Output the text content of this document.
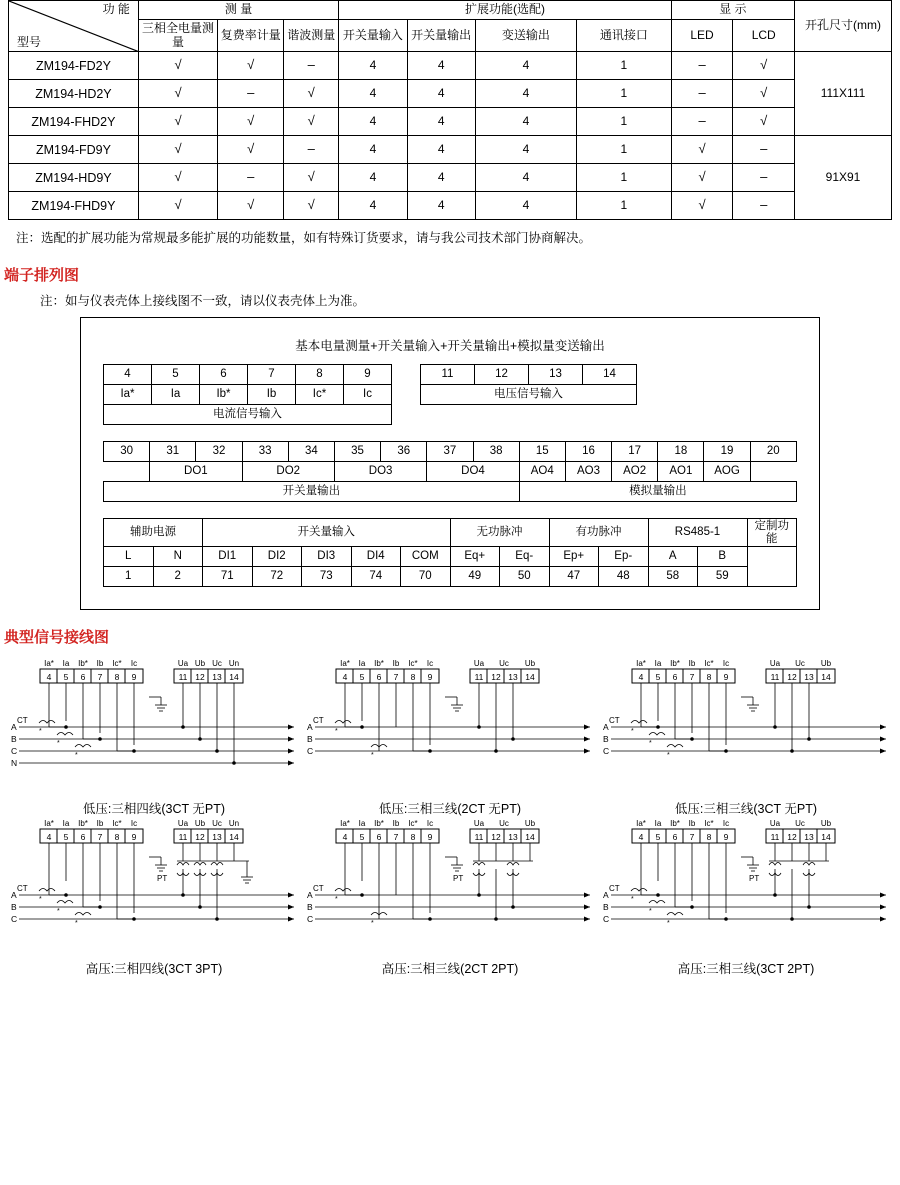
功 能
型号	测 量			扩展功能(选配)				显 示		开孔尺寸(mm)
	三相全电量测量	复费率计量	谐波测量	开关量输入	开关量输出	变送输出	通讯接口	LED	LCD	
ZM194-FD2Y	√	√	–	4	4	4	1	–	√	111X111
ZM194-HD2Y	√	–	√	4	4	4	1	–	√	
ZM194-FHD2Y	√	√	√	4	4	4	1	–	√	
ZM194-FD9Y	√	√	–	4	4	4	1	√	–	91X91
ZM194-HD9Y	√	–	√	4	4	4	1	√	–	
ZM194-FHD9Y	√	√	√	4	4	4	1	√	–	
注：选配的扩展功能为常规最多能扩展的功能数量，如有特殊订货要求，请与我公司技术部门协商解决。
端子排列图
注：如与仪表壳体上接线图不一致，请以仪表壳体上为准。
基本电量测量+开关量输入+开关量输出+模拟量变送输出
4	5	6	7	8	9
Ia*	Ia	Ib*	Ib	Ic*	Ic
电流信号输入					
11	12	13	14
电压信号输入
30	31	32	33	34	35	36	37	38	15	16	17	18	19	20
	DO1		DO2		DO3		DO4		AO4	AO3	AO2	AO1	AOG	
开关量输出									模拟量输出					
辅助电源		开关量输入					无功脉冲		有功脉冲		RS485-1		定制功能
L	N	DI1	DI2	DI3	DI4	COM	Eq+	Eq-	Ep+	Ep-	A	B	
1	2	71	72	73	74	70	49	50	47	48	58	59	
典型信号接线图
Ia* Ia Ib* Ib Ic* Ic	Ua Ub Uc Un
4 5 6 7 8 9	11 12 13 14
CT
*
*
*
A
B
C
N
低压:三相四线(3CT 无PT)
Ia* Ia Ib* Ib Ic* Ic	Ua Uc Ub
4 5 6 7 8 9	11 12 13 14
CT
*
*
A
B
C
低压:三相三线(2CT 无PT)
Ia* Ia Ib* Ib Ic* Ic	Ua Uc Ub
4 5 6 7 8 9	11 12 13 14
CT
*
*
*
A
B
C
低压:三相三线(3CT 无PT)
Ia* Ia Ib* Ib Ic* Ic	Ua Ub Uc Un
4 5 6 7 8 9	11 12 13 14
CT
PT
*
*
*
A
B
C
高压:三相四线(3CT 3PT)
Ia* Ia Ib* Ib Ic* Ic	Ua Uc Ub
4 5 6 7 8 9	11 12 13 14
CT
PT
*
*
A
B
C
高压:三相三线(2CT 2PT)
Ia* Ia Ib* Ib Ic* Ic	Ua Uc Ub
4 5 6 7 8 9	11 12 13 14
CT
PT
*
*
*
A
B
C
高压:三相三线(3CT 2PT)
